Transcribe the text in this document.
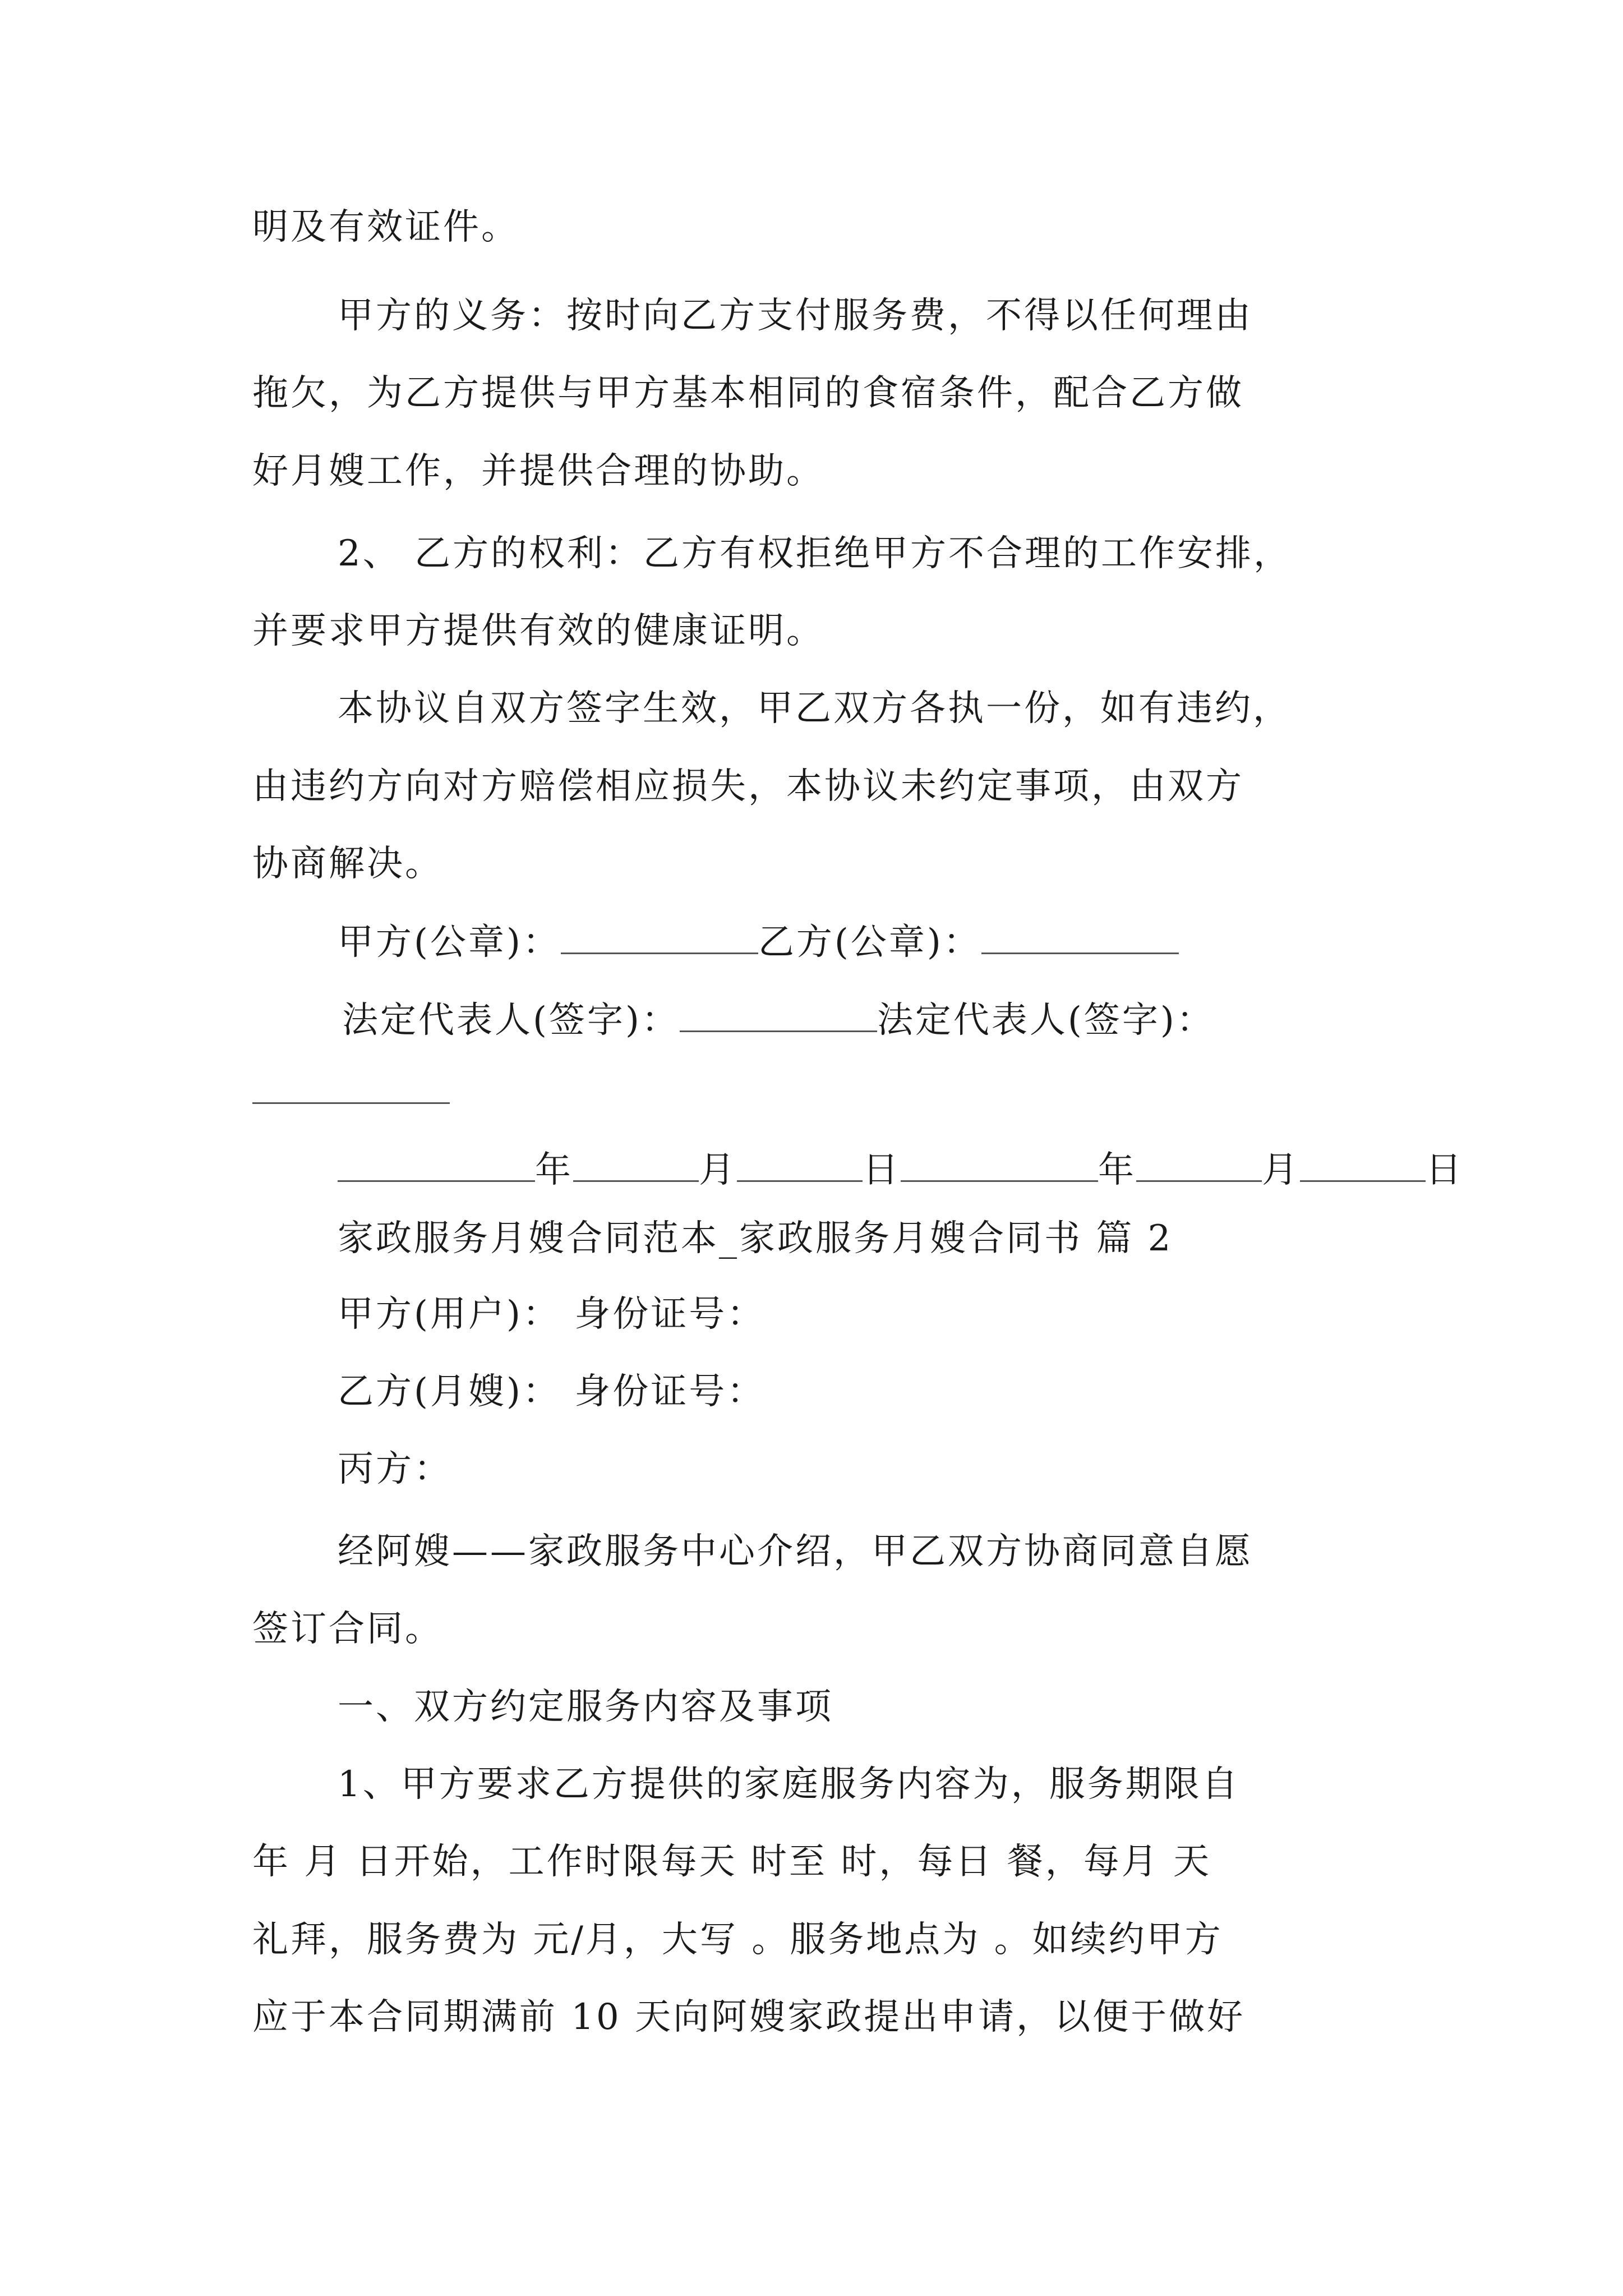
明及有效证件。
甲方的义务：按时向乙方支付服务费，不得以任何理由
拖欠，为乙方提供与甲方基本相同的食宿条件，配合乙方做
好月嫂工作，并提供合理的协助。
2、 乙方的权利：乙方有权拒绝甲方不合理的工作安排，
并要求甲方提供有效的健康证明。
本协议自双方签字生效，甲乙双方各执一份，如有违约，
由违约方向对方赔偿相应损失，本协议未约定事项，由双方
协商解决。
甲方(公章)：	乙方(公章)：
法定代表人(签字)：	法定代表人(签字)：
年	月	日	年	月	日
家政服务月嫂合同范本_家政服务月嫂合同书 篇 2
甲方(用户)： 身份证号：
乙方(月嫂)： 身份证号：
丙方：
经阿嫂——家政服务中心介绍，甲乙双方协商同意自愿
签订合同。
一、双方约定服务内容及事项
1、甲方要求乙方提供的家庭服务内容为，服务期限自
年 月 日开始，工作时限每天 时至 时，每日 餐，每月 天
礼拜，服务费为 元/月，大写 。服务地点为 。如续约甲方
应于本合同期满前 10 天向阿嫂家政提出申请，以便于做好
